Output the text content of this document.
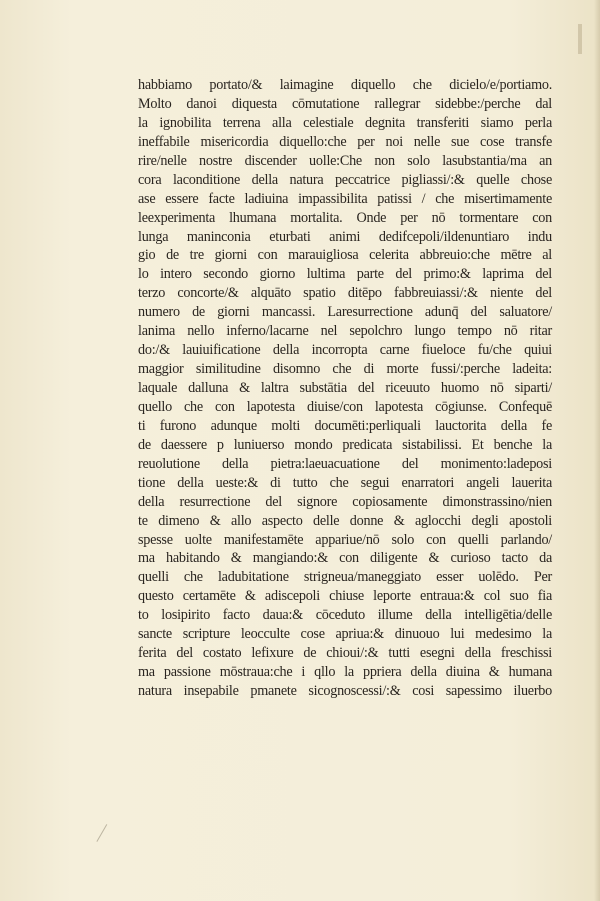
habbiamo portato/& laimagine diquello che dicielo/e/portiamo.
Molto danoi diquesta cōmutatione rallegrar sidebbe:/perche dal
la ignobilita terrena alla celestiale degnita transferiti siamo perla
ineffabile misericordia diquello:che per noi nelle sue cose transfe
rire/nelle nostre discender uolle:Che non solo lasubstantia/ma an
cora laconditione della natura peccatrice pigliassi/:& quelle chose
ase essere facte ladiuina impassibilita patissi / che misertimamente
leexperimenta lhumana mortalita. Onde per nō tormentare con
lunga maninconia eturbati animi dedifcepoli/ildenuntiaro indu
gio de tre giorni con marauigliosa celerita abbreuio:che mētre al
lo intero secondo giorno lultima parte del primo:& laprima del
terzo concorte/& alquāto spatio ditēpo fabbreuiassi/:& niente del
numero de giorni mancassi. Laresurrectione adunq̄ del saluatore/
lanima nello inferno/lacarne nel sepolchro lungo tempo nō ritar
do:/& lauiuificatione della incorropta carne fiueloce fu/che quiui
maggior similitudine disomno che di morte fussi/:perche ladeita:
laquale dalluna & laltra substātia del riceuuto huomo nō siparti/
quello che con lapotesta diuise/con lapotesta cōgiunse. Confequē
ti furono adunque molti documēti:perliquali lauctorita della fe
de daessere p luniuerso mondo predicata sistabilissi. Et benche la
reuolutione della pietra:laeuacuatione del monimento:ladeposi
tione della ueste:& di tutto che segui enarratori angeli lauerita
della resurrectione del signore copiosamente dimonstrassino/nien
te dimeno & allo aspecto delle donne & aglocchi degli apostoli
spesse uolte manifestamēte appariue/nō solo con quelli parlando/
ma habitando & mangiando:& con diligente & curioso tacto da
quelli che ladubitatione strigneua/maneggiato esser uolēdo. Per
questo certamēte & adiscepoli chiuse leporte entraua:& col suo fia
to losipirito facto daua:& cōceduto illume della intelligētia/delle
sancte scripture leocculte cose apriua:& dinuouo lui medesimo la
ferita del costato lefixure de chioui/:& tutti esegni della freschissi
ma passione mōstraua:che i qllo la ppriera della diuina & humana
natura insepabile pmanete sicognoscessi/:& cosi sapessimo iluerbo
